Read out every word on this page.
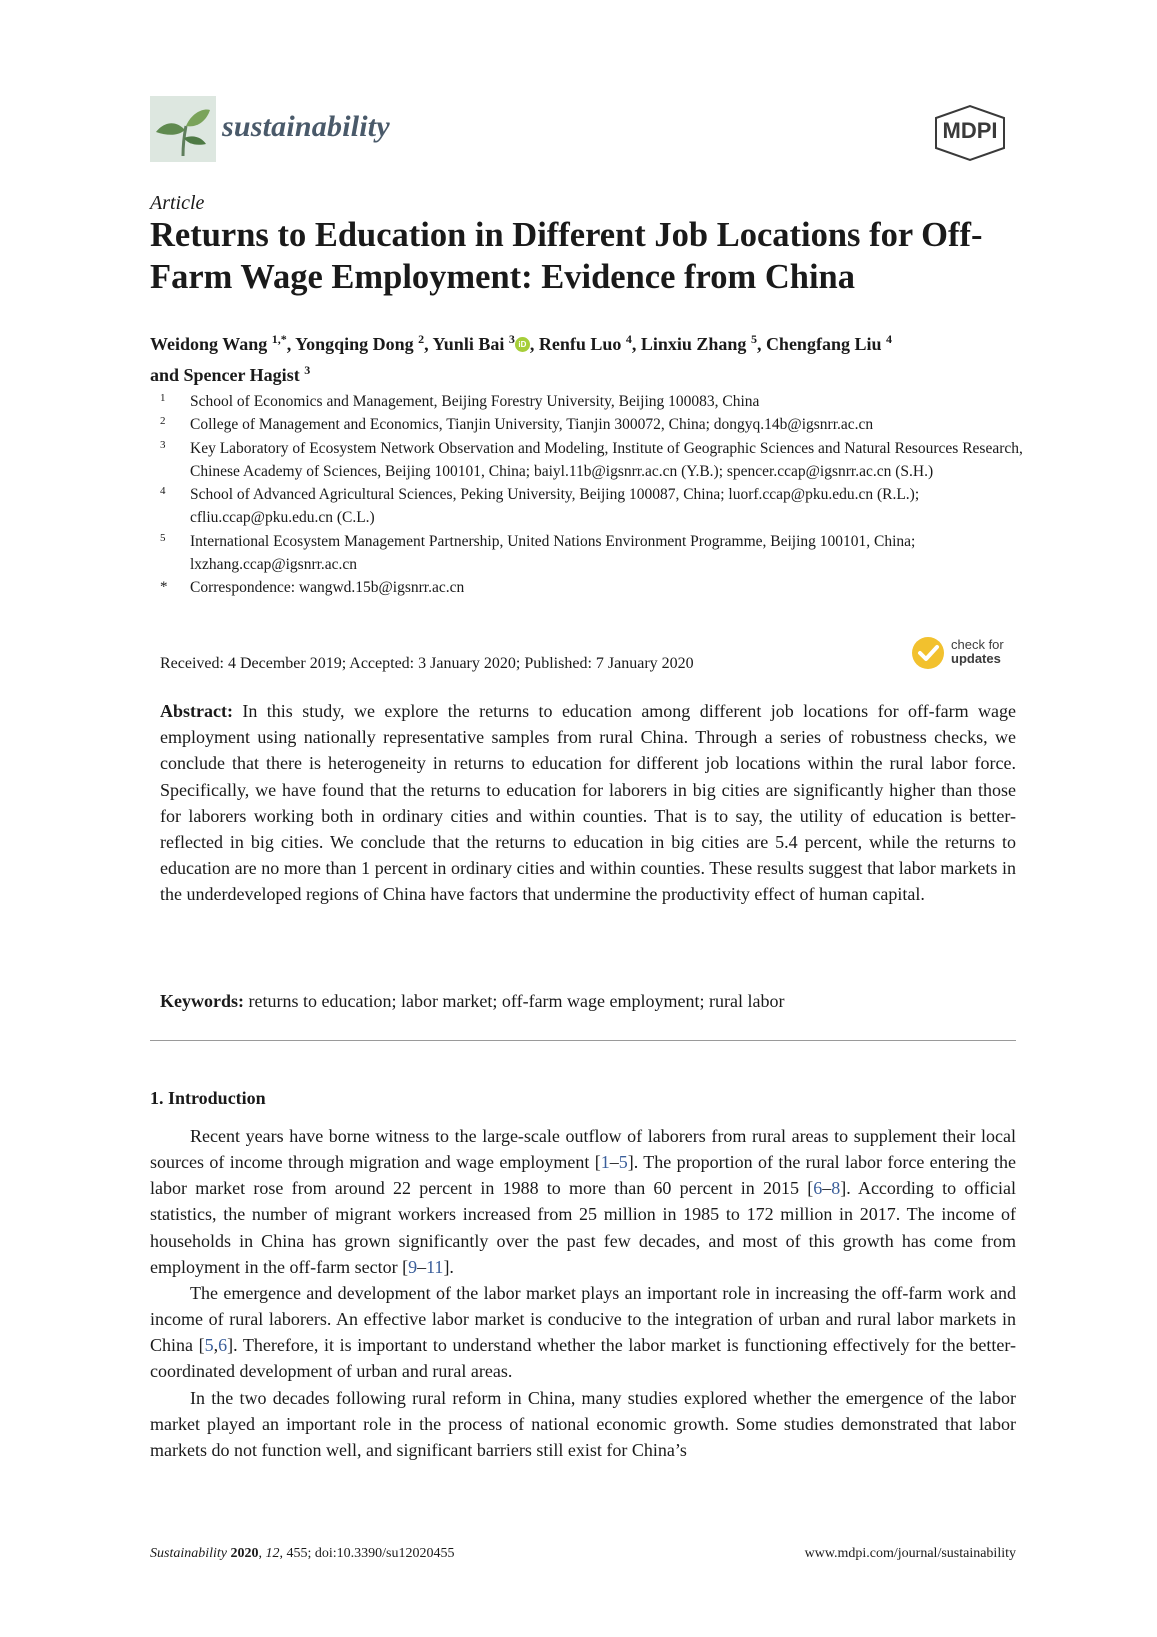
sustainability	MDPI
Article
Returns to Education in Different Job Locations for Off-Farm Wage Employment: Evidence from China
Weidong Wang $^{1,*}$, Yongqing Dong $^2$, Yunli Bai $^3$ iD , Renfu Luo $^4$, Linxiu Zhang $^5$, Chengfang Liu $^4$
and Spencer Hagist $^3$
1 School of Economics and Management, Beijing Forestry University, Beijing 100083, China
2 College of Management and Economics, Tianjin University, Tianjin 300072, China; dongyq.14b@igsnrr.ac.cn
3 Key Laboratory of Ecosystem Network Observation and Modeling, Institute of Geographic Sciences and Natural Resources Research, Chinese Academy of Sciences, Beijing 100101, China; baiyl.11b@igsnrr.ac.cn (Y.B.); spencer.ccap@igsnrr.ac.cn (S.H.)
4 School of Advanced Agricultural Sciences, Peking University, Beijing 100087, China; luorf.ccap@pku.edu.cn (R.L.); cfliu.ccap@pku.edu.cn (C.L.)
5 International Ecosystem Management Partnership, United Nations Environment Programme, Beijing 100101, China; lxzhang.ccap@igsnrr.ac.cn
* Correspondence: wangwd.15b@igsnrr.ac.cn
Received: 4 December 2019; Accepted: 3 January 2020; Published: 7 January 2020
check for
updates
Abstract: In this study, we explore the returns to education among different job locations for off-farm wage employment using nationally representative samples from rural China. Through a series of robustness checks, we conclude that there is heterogeneity in returns to education for different job locations within the rural labor force. Specifically, we have found that the returns to education for laborers in big cities are significantly higher than those for laborers working both in ordinary cities and within counties. That is to say, the utility of education is better-reflected in big cities. We conclude that the returns to education in big cities are 5.4 percent, while the returns to education are no more than 1 percent in ordinary cities and within counties. These results suggest that labor markets in the underdeveloped regions of China have factors that undermine the productivity effect of human capital.
Keywords: returns to education; labor market; off-farm wage employment; rural labor
1. Introduction

Recent years have borne witness to the large-scale outflow of laborers from rural areas to supplement their local sources of income through migration and wage employment [1–5]. The proportion of the rural labor force entering the labor market rose from around 22 percent in 1988 to more than 60 percent in 2015 [6–8]. According to official statistics, the number of migrant workers increased from 25 million in 1985 to 172 million in 2017. The income of households in China has grown significantly over the past few decades, and most of this growth has come from employment in the off-farm sector [9–11].

The emergence and development of the labor market plays an important role in increasing the off-farm work and income of rural laborers. An effective labor market is conducive to the integration of urban and rural labor markets in China [5,6]. Therefore, it is important to understand whether the labor market is functioning effectively for the better-coordinated development of urban and rural areas.

In the two decades following rural reform in China, many studies explored whether the emergence of the labor market played an important role in the process of national economic growth. Some studies demonstrated that labor markets do not function well, and significant barriers still exist for China’s

Sustainability 2020, 12, 455; doi:10.3390/su12020455	www.mdpi.com/journal/sustainability
